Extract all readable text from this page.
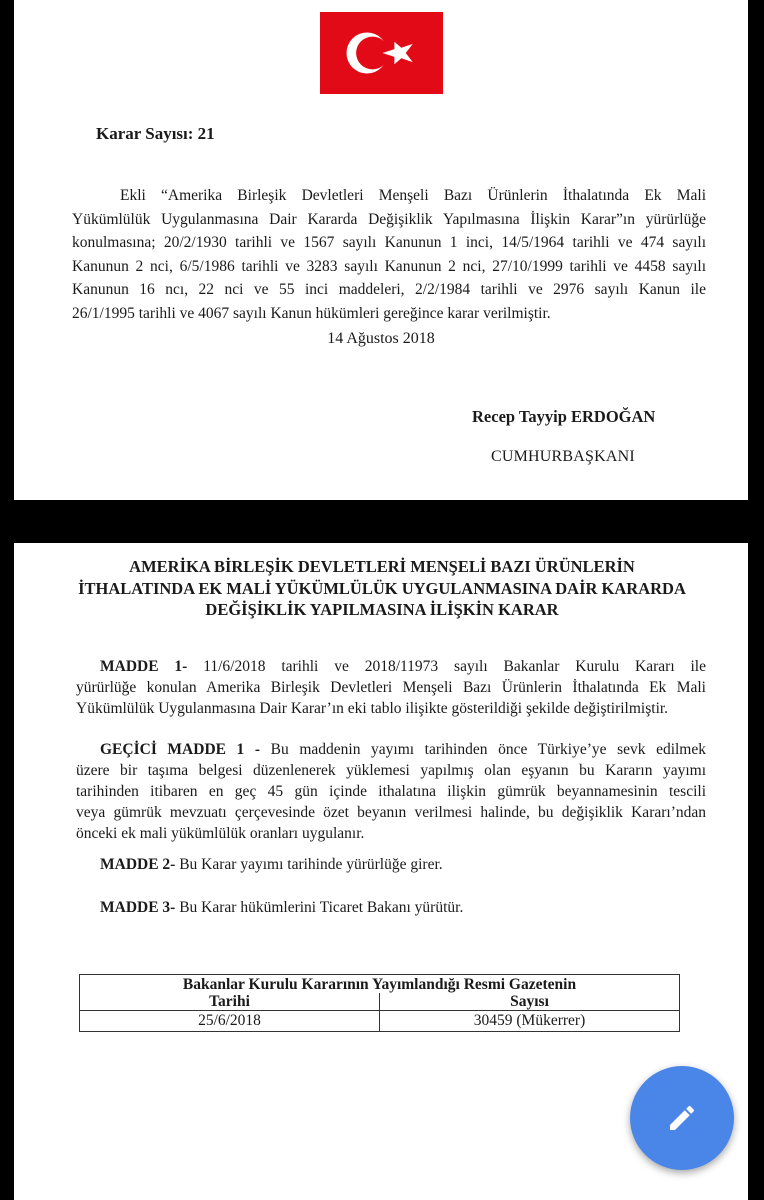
Karar Sayısı: 21
Ekli “Amerika Birleşik Devletleri Menşeli Bazı Ürünlerin İthalatında Ek Mali
Yükümlülük Uygulanmasına Dair Kararda Değişiklik Yapılmasına İlişkin Karar”ın yürürlüğe
konulmasına; 20/2/1930 tarihli ve 1567 sayılı Kanunun 1 inci, 14/5/1964 tarihli ve 474 sayılı
Kanunun 2 nci, 6/5/1986 tarihli ve 3283 sayılı Kanunun 2 nci, 27/10/1999 tarihli ve 4458 sayılı
Kanunun 16 ncı, 22 nci ve 55 inci maddeleri, 2/2/1984 tarihli ve 2976 sayılı Kanun ile
26/1/1995 tarihli ve 4067 sayılı Kanun hükümleri gereğince karar verilmiştir.
14 Ağustos 2018
Recep Tayyip ERDOĞAN
CUMHURBAŞKANI
AMERİKA BİRLEŞİK DEVLETLERİ MENŞELİ BAZI ÜRÜNLERİN
İTHALATINDA EK MALİ YÜKÜMLÜLÜK UYGULANMASINA DAİR KARARDA
DEĞİŞİKLİK YAPILMASINA İLİŞKİN KARAR
MADDE 1- 11/6/2018 tarihli ve 2018/11973 sayılı Bakanlar Kurulu Kararı ile
yürürlüğe konulan Amerika Birleşik Devletleri Menşeli Bazı Ürünlerin İthalatında Ek Mali
Yükümlülük Uygulanmasına Dair Karar’ın eki tablo ilişikte gösterildiği şekilde değiştirilmiştir.
GEÇİCİ MADDE 1 - Bu maddenin yayımı tarihinden önce Türkiye’ye sevk edilmek
üzere bir taşıma belgesi düzenlenerek yüklemesi yapılmış olan eşyanın bu Kararın yayımı
tarihinden itibaren en geç 45 gün içinde ithalatına ilişkin gümrük beyannamesinin tescili
veya gümrük mevzuatı çerçevesinde özet beyanın verilmesi halinde, bu değişiklik Kararı’ndan
önceki ek mali yükümlülük oranları uygulanır.
MADDE 2- Bu Karar yayımı tarihinde yürürlüğe girer.
MADDE 3- Bu Karar hükümlerini Ticaret Bakanı yürütür.
Bakanlar Kurulu Kararının Yayımlandığı Resmi Gazetenin	
Tarihi	Sayısı
25/6/2018	30459 (Mükerrer)
